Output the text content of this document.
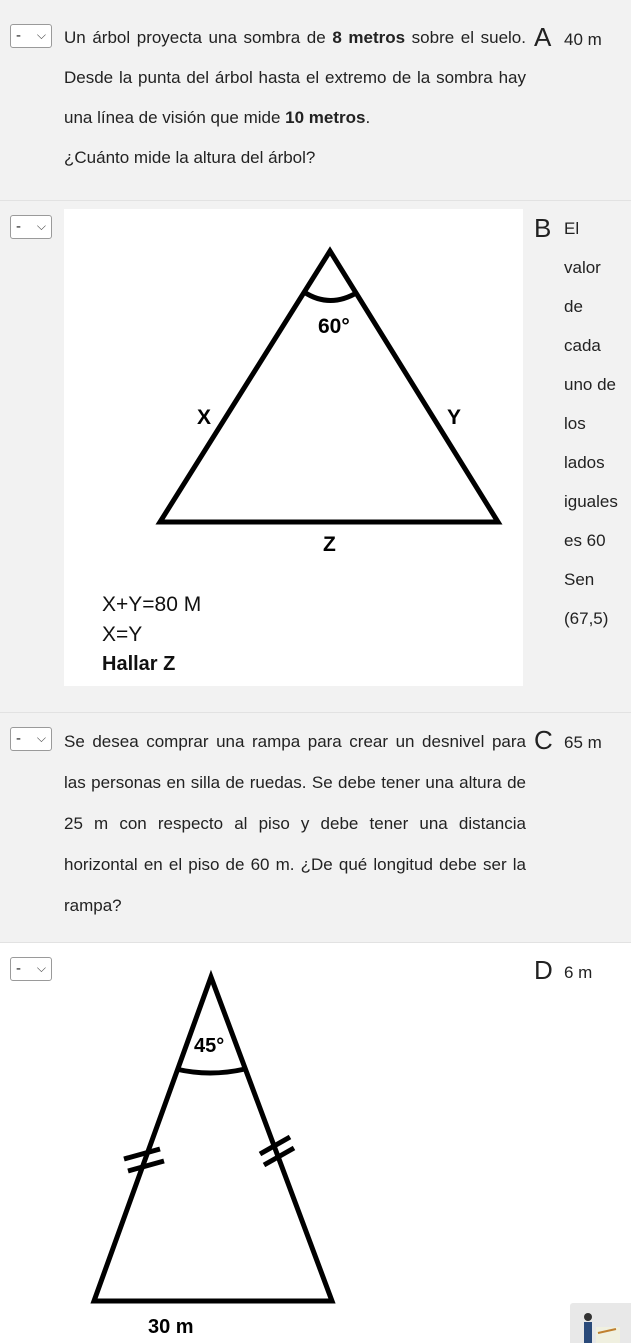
- ⌵ Un árbol proyecta una sombra de 8 metros sobre el suelo. Desde la punta del árbol hasta el extremo de la sombra hay una línea de visión que mide 10 metros.
¿Cuánto mide la altura del árbol?
A 40 m
- ⌵
60°
X	Y
Z
X+Y=80 M
X=Y
Hallar Z
B El
valor
de
cada
uno de
los
lados
iguales
es 60
Sen
(67,5)
- ⌵ Se desea comprar una rampa para crear un desnivel para las personas en silla de ruedas. Se debe tener una altura de 25 m con respecto al piso y debe tener una distancia horizontal en el piso de 60 m. ¿De qué longitud debe ser la rampa?
C 65 m
- ⌵
45°
30 m
D 6 m
